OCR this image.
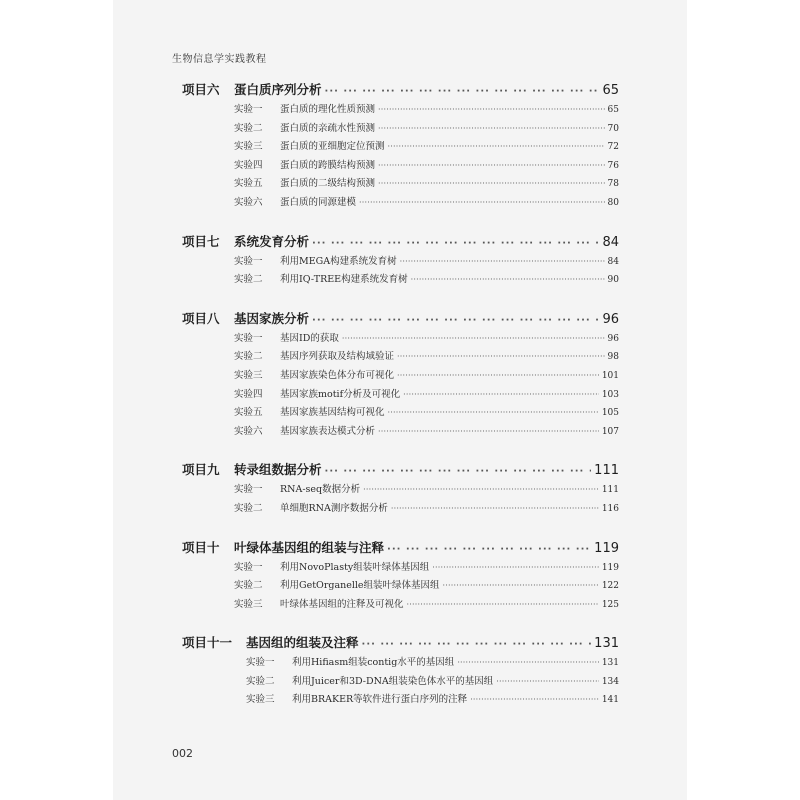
生物信息学实践教程
项目六	蛋白质序列分析 ··· ·	65
实验一	蛋白质的理化性质预测 ·····	65
实验二	蛋白质的亲疏水性预测 ·····	70
实验三	蛋白质的亚细胞定位预测 ·····	72
实验四	蛋白质的跨膜结构预测 ·····	76
实验五	蛋白质的二级结构预测 ·····	78
实验六	蛋白质的同源建模 ·····	80
项目七	系统发育分析 ··· ·	84
实验一	利用MEGA构建系统发育树 ·····	84
实验二	利用IQ-TREE构建系统发育树 ·····	90
项目八	基因家族分析 ··· ·	96
实验一	基因ID的获取 ·····	96
实验二	基因序列获取及结构域验证 ·····	98
实验三	基因家族染色体分布可视化 ·····	101
实验四	基因家族motif分析及可视化 ·····	103
实验五	基因家族基因结构可视化 ·····	105
实验六	基因家族表达模式分析 ·····	107
项目九	转录组数据分析 ··· ·	111
实验一	RNA-seq数据分析 ·····	111
实验二	单细胞RNA测序数据分析 ·····	116
项目十	叶绿体基因组的组装与注释 ··· ·	119
实验一	利用NovoPlasty组装叶绿体基因组 ·····	119
实验二	利用GetOrganelle组装叶绿体基因组 ·····	122
实验三	叶绿体基因组的注释及可视化 ·····	125
项目十一	基因组的组装及注释 ··· ·	131
实验一	利用Hifiasm组装contig水平的基因组 ·····	131
实验二	利用Juicer和3D-DNA组装染色体水平的基因组 ·····	134
实验三	利用BRAKER等软件进行蛋白序列的注释 ·····	141
002
